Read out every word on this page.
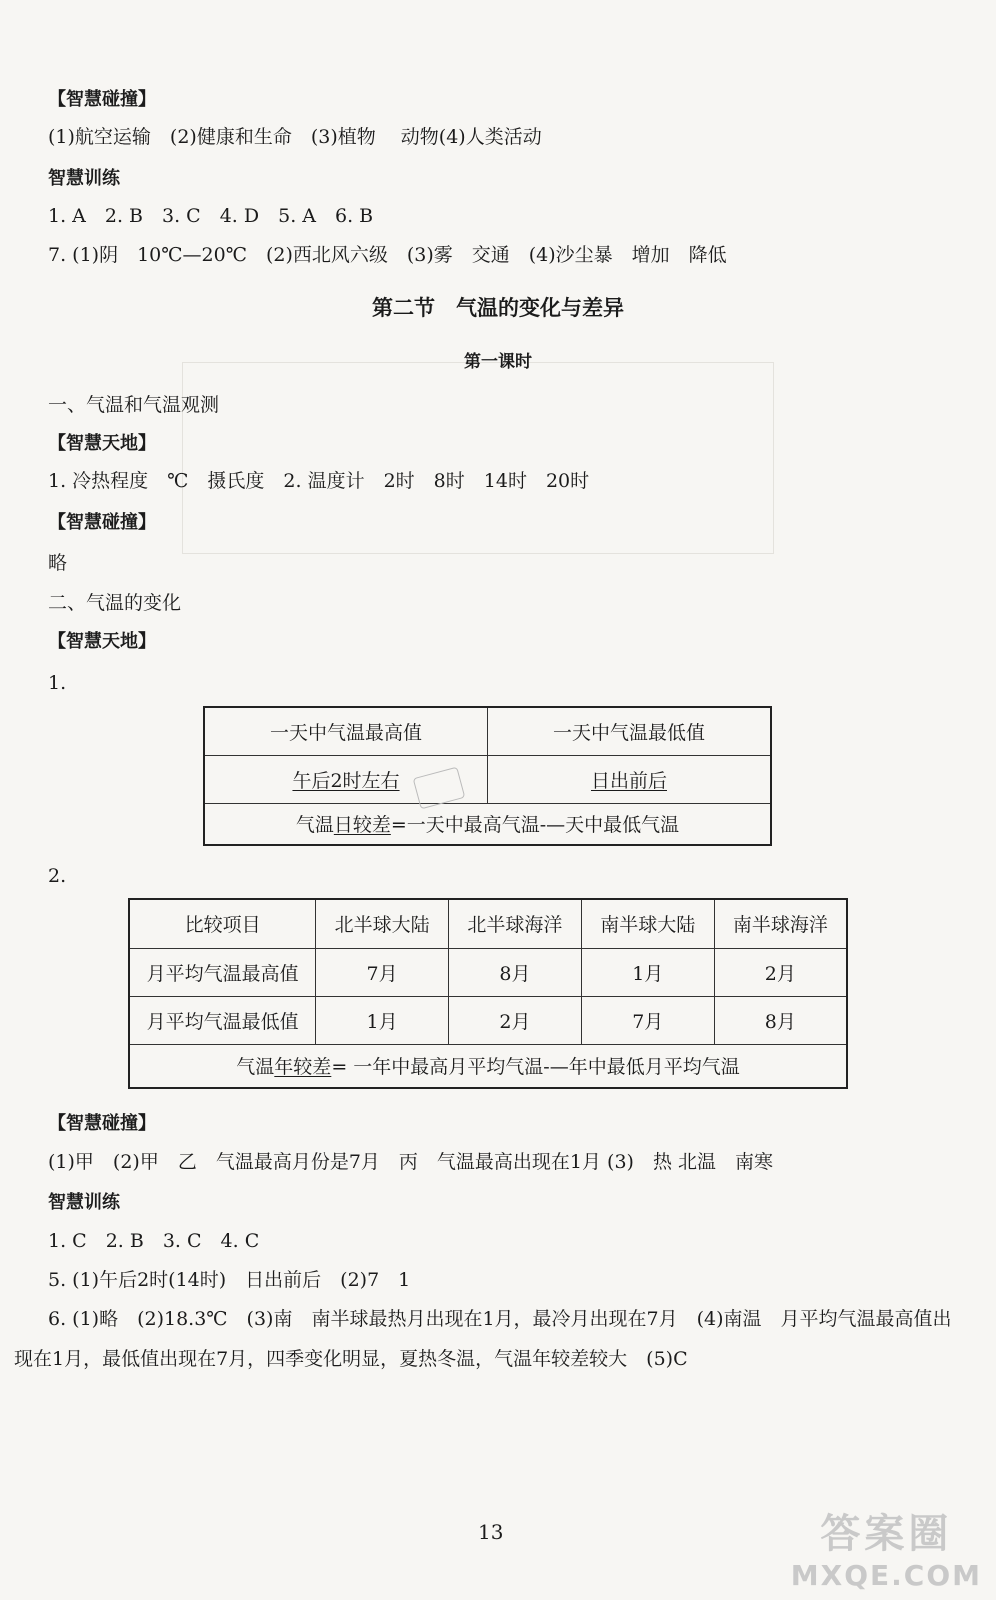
【智慧碰撞】
(1)航空运输　(2)健康和生命　(3)植物　 动物(4)人类活动
智慧训练
1. A　2. B　3. C　4. D　5. A　6. B
7. (1)阴　10℃—20℃　(2)西北风六级　(3)雾　交通　(4)沙尘暴　增加　降低
第二节　气温的变化与差异
第一课时
一、气温和气温观测
【智慧天地】
1. 冷热程度　℃　摄氏度　2. 温度计　2时　8时　14时　20时
【智慧碰撞】
略
二、气温的变化
【智慧天地】
1.
一天中气温最高值	一天中气温最低值
午后2时左右	日出前后
气温日较差=一天中最高气温-—天中最低气温	
2.
比较项目	北半球大陆	北半球海洋	南半球大陆	南半球海洋
月平均气温最高值	7月	8月	1月	2月
月平均气温最低值	1月	2月	7月	8月
气温年较差= 一年中最高月平均气温-—年中最低月平均气温				
【智慧碰撞】
(1)甲　(2)甲　乙　气温最高月份是7月　丙　气温最高出现在1月 (3)　热 北温　南寒
智慧训练
1. C　2. B　3. C　4. C
5. (1)午后2时(14时)　日出前后　(2)7　1
6. (1)略　(2)18.3℃　(3)南　南半球最热月出现在1月，最冷月出现在7月　(4)南温　月平均气温最高值出
现在1月，最低值出现在7月，四季变化明显，夏热冬温，气温年较差较大　(5)C
13	答案圈
MXQE.COM
